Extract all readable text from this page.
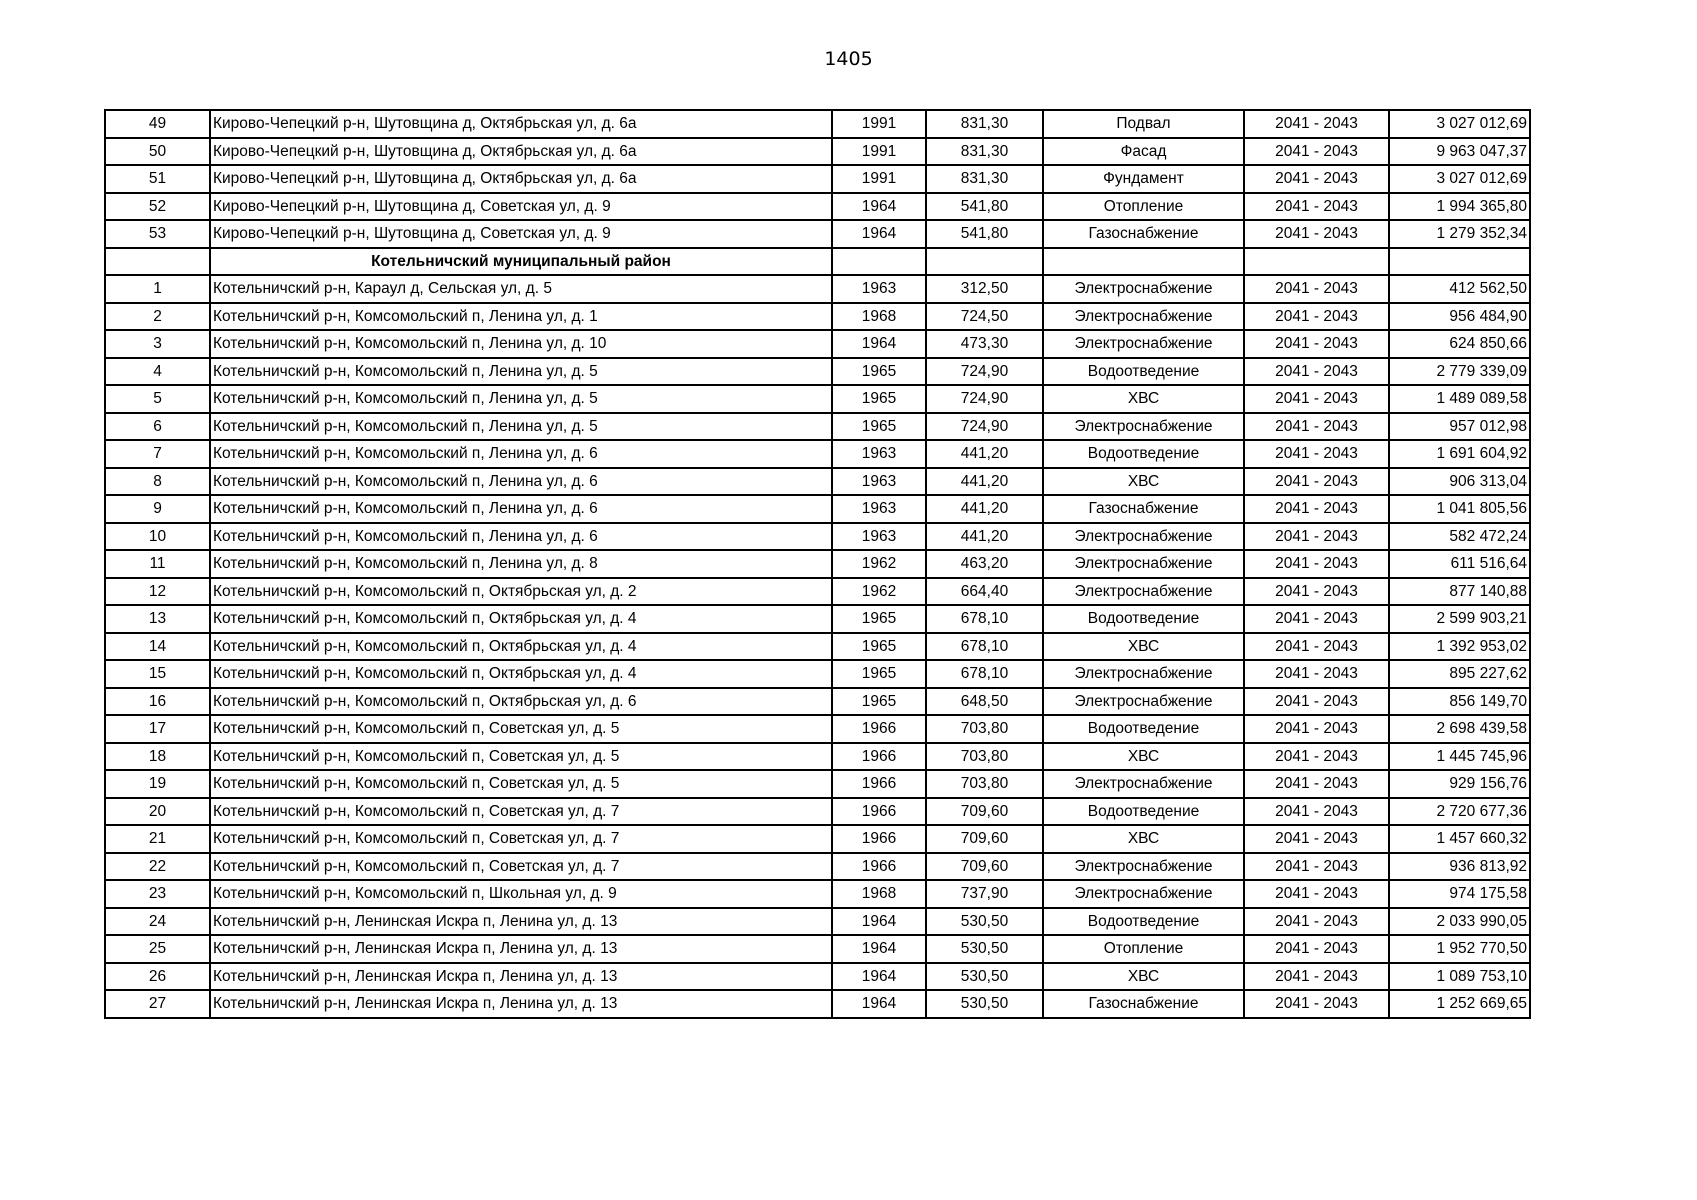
1405
49	Кирово-Чепецкий р-н, Шутовщина д, Октябрьская ул, д. 6а	1991	831,30	Подвал	2041 - 2043	3 027 012,69
50	Кирово-Чепецкий р-н, Шутовщина д, Октябрьская ул, д. 6а	1991	831,30	Фасад	2041 - 2043	9 963 047,37
51	Кирово-Чепецкий р-н, Шутовщина д, Октябрьская ул, д. 6а	1991	831,30	Фундамент	2041 - 2043	3 027 012,69
52	Кирово-Чепецкий р-н, Шутовщина д, Советская ул, д. 9	1964	541,80	Отопление	2041 - 2043	1 994 365,80
53	Кирово-Чепецкий р-н, Шутовщина д, Советская ул, д. 9	1964	541,80	Газоснабжение	2041 - 2043	1 279 352,34
	Котельничский муниципальный район					
1	Котельничский р-н, Караул д, Сельская ул, д. 5	1963	312,50	Электроснабжение	2041 - 2043	412 562,50
2	Котельничский р-н, Комсомольский п, Ленина ул, д. 1	1968	724,50	Электроснабжение	2041 - 2043	956 484,90
3	Котельничский р-н, Комсомольский п, Ленина ул, д. 10	1964	473,30	Электроснабжение	2041 - 2043	624 850,66
4	Котельничский р-н, Комсомольский п, Ленина ул, д. 5	1965	724,90	Водоотведение	2041 - 2043	2 779 339,09
5	Котельничский р-н, Комсомольский п, Ленина ул, д. 5	1965	724,90	ХВС	2041 - 2043	1 489 089,58
6	Котельничский р-н, Комсомольский п, Ленина ул, д. 5	1965	724,90	Электроснабжение	2041 - 2043	957 012,98
7	Котельничский р-н, Комсомольский п, Ленина ул, д. 6	1963	441,20	Водоотведение	2041 - 2043	1 691 604,92
8	Котельничский р-н, Комсомольский п, Ленина ул, д. 6	1963	441,20	ХВС	2041 - 2043	906 313,04
9	Котельничский р-н, Комсомольский п, Ленина ул, д. 6	1963	441,20	Газоснабжение	2041 - 2043	1 041 805,56
10	Котельничский р-н, Комсомольский п, Ленина ул, д. 6	1963	441,20	Электроснабжение	2041 - 2043	582 472,24
11	Котельничский р-н, Комсомольский п, Ленина ул, д. 8	1962	463,20	Электроснабжение	2041 - 2043	611 516,64
12	Котельничский р-н, Комсомольский п, Октябрьская ул, д. 2	1962	664,40	Электроснабжение	2041 - 2043	877 140,88
13	Котельничский р-н, Комсомольский п, Октябрьская ул, д. 4	1965	678,10	Водоотведение	2041 - 2043	2 599 903,21
14	Котельничский р-н, Комсомольский п, Октябрьская ул, д. 4	1965	678,10	ХВС	2041 - 2043	1 392 953,02
15	Котельничский р-н, Комсомольский п, Октябрьская ул, д. 4	1965	678,10	Электроснабжение	2041 - 2043	895 227,62
16	Котельничский р-н, Комсомольский п, Октябрьская ул, д. 6	1965	648,50	Электроснабжение	2041 - 2043	856 149,70
17	Котельничский р-н, Комсомольский п, Советская ул, д. 5	1966	703,80	Водоотведение	2041 - 2043	2 698 439,58
18	Котельничский р-н, Комсомольский п, Советская ул, д. 5	1966	703,80	ХВС	2041 - 2043	1 445 745,96
19	Котельничский р-н, Комсомольский п, Советская ул, д. 5	1966	703,80	Электроснабжение	2041 - 2043	929 156,76
20	Котельничский р-н, Комсомольский п, Советская ул, д. 7	1966	709,60	Водоотведение	2041 - 2043	2 720 677,36
21	Котельничский р-н, Комсомольский п, Советская ул, д. 7	1966	709,60	ХВС	2041 - 2043	1 457 660,32
22	Котельничский р-н, Комсомольский п, Советская ул, д. 7	1966	709,60	Электроснабжение	2041 - 2043	936 813,92
23	Котельничский р-н, Комсомольский п, Школьная ул, д. 9	1968	737,90	Электроснабжение	2041 - 2043	974 175,58
24	Котельничский р-н, Ленинская Искра п, Ленина ул, д. 13	1964	530,50	Водоотведение	2041 - 2043	2 033 990,05
25	Котельничский р-н, Ленинская Искра п, Ленина ул, д. 13	1964	530,50	Отопление	2041 - 2043	1 952 770,50
26	Котельничский р-н, Ленинская Искра п, Ленина ул, д. 13	1964	530,50	ХВС	2041 - 2043	1 089 753,10
27	Котельничский р-н, Ленинская Искра п, Ленина ул, д. 13	1964	530,50	Газоснабжение	2041 - 2043	1 252 669,65
